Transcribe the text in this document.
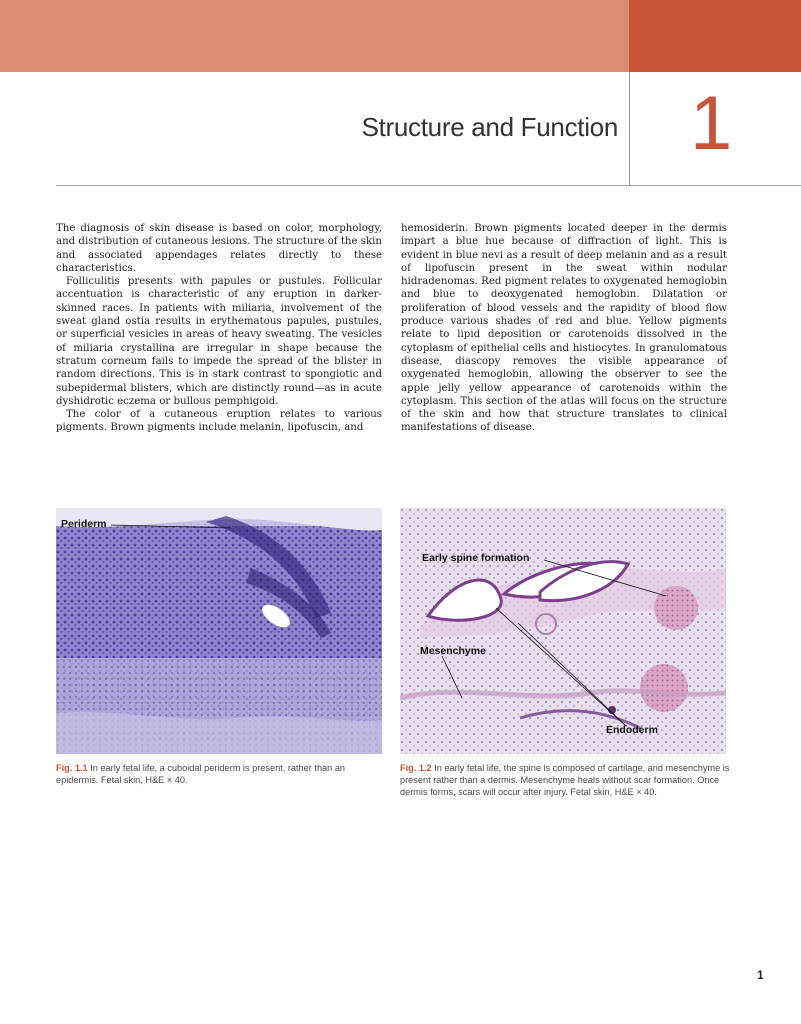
Structure and Function 1

The diagnosis of skin disease is based on color, morphology, and distribution of cutaneous lesions. The structure of the skin and associated appendages relates directly to these characteristics.

Folliculitis presents with papules or pustules. Follicular accentuation is characteristic of any eruption in darker-skinned races. In patients with miliaria, involvement of the sweat gland ostia results in erythematous papules, pustules, or superficial vesicles in areas of heavy sweating. The vesicles of miliaria crystallina are irregular in shape because the stratum corneum fails to impede the spread of the blister in random directions. This is in stark contrast to spongiotic and subepidermal blisters, which are distinctly round—as in acute dyshidrotic eczema or bullous pemphigoid.

The color of a cutaneous eruption relates to various pigments. Brown pigments include melanin, lipofuscin, and

hemosiderin. Brown pigments located deeper in the dermis impart a blue hue because of diffraction of light. This is evident in blue nevi as a result of deep melanin and as a result of lipofuscin present in the sweat within nodular hidradenomas. Red pigment relates to oxygenated hemoglobin and blue to deoxygenated hemoglobin. Dilatation or proliferation of blood vessels and the rapidity of blood flow produce various shades of red and blue. Yellow pigments relate to lipid deposition or carotenoids dissolved in the cytoplasm of epithelial cells and histiocytes. In granulomatous disease, diascopy removes the visible appearance of oxygenated hemoglobin, allowing the observer to see the apple jelly yellow appearance of carotenoids within the cytoplasm. This section of the atlas will focus on the structure of the skin and how that structure translates to clinical manifestations of disease.

Periderm
Early spine formation
Mesenchyme
Endoderm
Fig. 1.1 In early fetal life, a cuboidal periderm is present, rather than an epidermis. Fetal skin, H&E × 40.
Fig. 1.2 In early fetal life, the spine is composed of cartilage, and mesenchyme is present rather than a dermis. Mesenchyme heals without scar formation. Once dermis forms, scars will occur after injury. Fetal skin, H&E × 40.
1
